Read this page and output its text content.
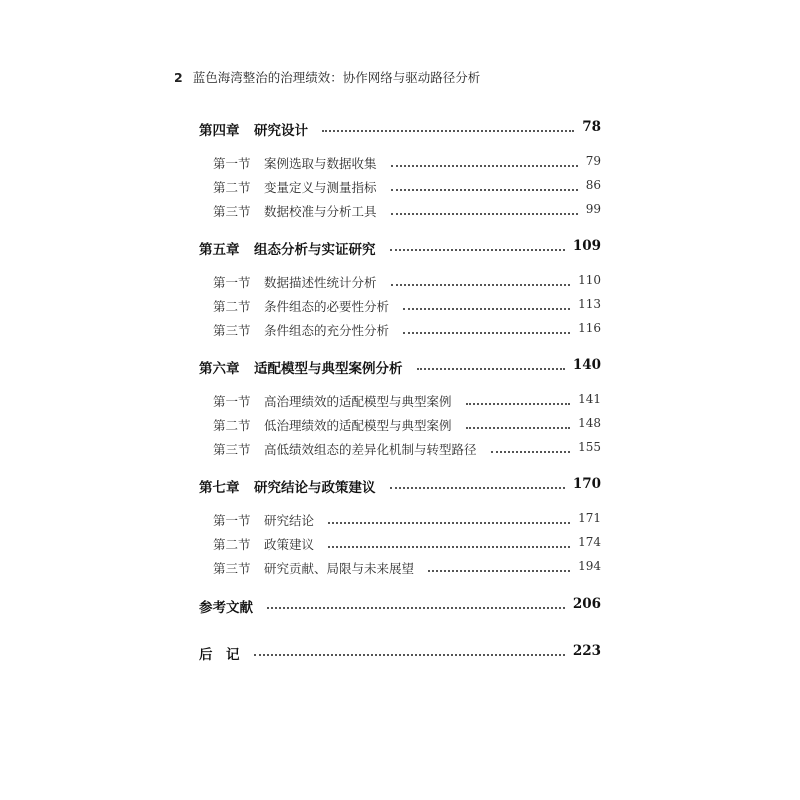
2 蓝色海湾整治的治理绩效：协作网络与驱动路径分析
第四章 研究设计	78
第一节 案例选取与数据收集	79
第二节 变量定义与测量指标	86
第三节 数据校准与分析工具	99
第五章 组态分析与实证研究	109
第一节 数据描述性统计分析	110
第二节 条件组态的必要性分析	113
第三节 条件组态的充分性分析	116
第六章 适配模型与典型案例分析	140
第一节 高治理绩效的适配模型与典型案例	141
第二节 低治理绩效的适配模型与典型案例	148
第三节 高低绩效组态的差异化机制与转型路径	155
第七章 研究结论与政策建议	170
第一节 研究结论	171
第二节 政策建议	174
第三节 研究贡献、局限与未来展望	194
参考文献	206
后　记	223
